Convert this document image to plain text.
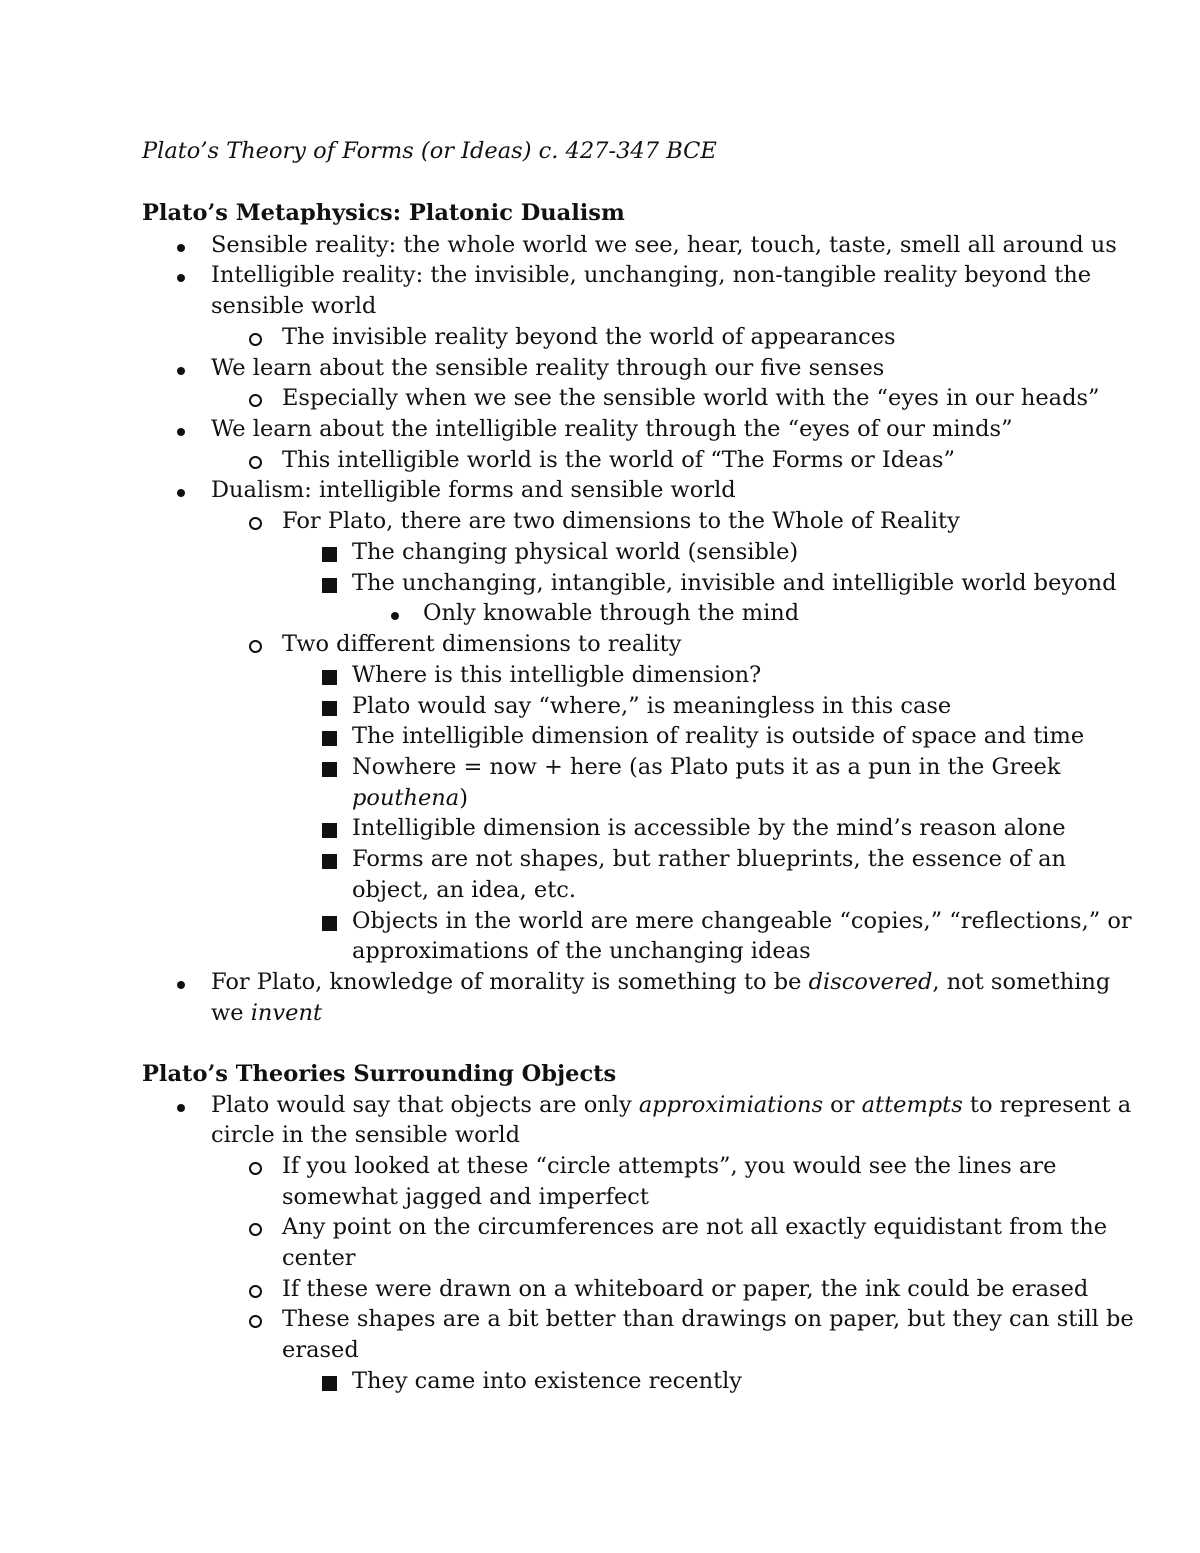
Plato’s Theory of Forms (or Ideas) c. 427-347 BCE
Plato’s Metaphysics: Platonic Dualism
Sensible reality: the whole world we see, hear, touch, taste, smell all around us
Intelligible reality: the invisible, unchanging, non-tangible reality beyond the
sensible world
The invisible reality beyond the world of appearances
We learn about the sensible reality through our five senses
Especially when we see the sensible world with the “eyes in our heads”
We learn about the intelligible reality through the “eyes of our minds”
This intelligible world is the world of “The Forms or Ideas”
Dualism: intelligible forms and sensible world
For Plato, there are two dimensions to the Whole of Reality
The changing physical world (sensible)
The unchanging, intangible, invisible and intelligible world beyond
Only knowable through the mind
Two different dimensions to reality
Where is this intelligble dimension?
Plato would say “where,” is meaningless in this case
The intelligible dimension of reality is outside of space and time
Nowhere = now + here (as Plato puts it as a pun in the Greek
pouthena)
Intelligible dimension is accessible by the mind’s reason alone
Forms are not shapes, but rather blueprints, the essence of an
object, an idea, etc.
Objects in the world are mere changeable “copies,” “reflections,” or
approximations of the unchanging ideas
For Plato, knowledge of morality is something to be discovered, not something
we invent
Plato’s Theories Surrounding Objects
Plato would say that objects are only approximiations or attempts to represent a
circle in the sensible world
If you looked at these “circle attempts”, you would see the lines are
somewhat jagged and imperfect
Any point on the circumferences are not all exactly equidistant from the
center
If these were drawn on a whiteboard or paper, the ink could be erased
These shapes are a bit better than drawings on paper, but they can still be
erased
They came into existence recently
